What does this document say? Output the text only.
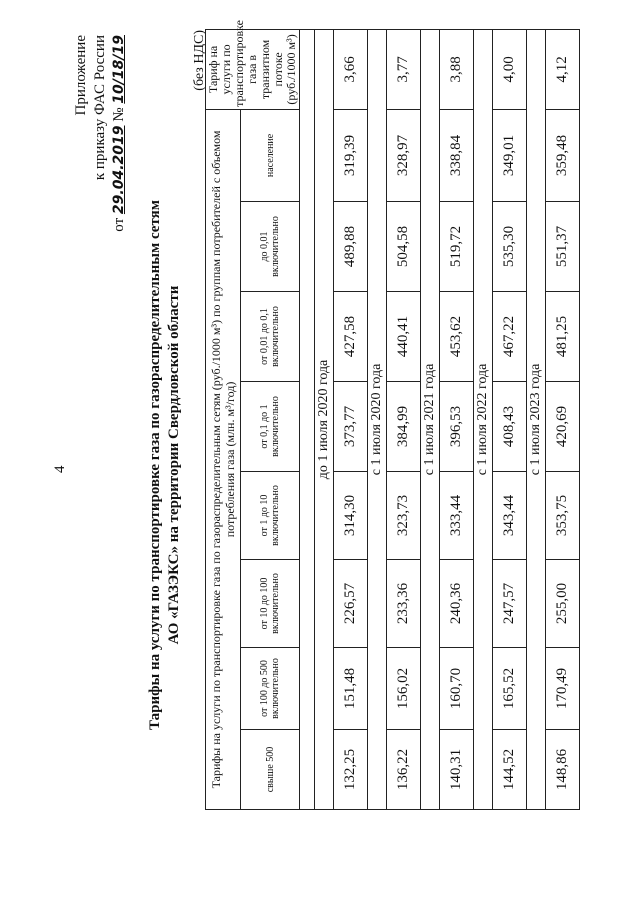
4
Приложение к приказу ФАС России
от 29.04.2019 № 10/18/19
Тарифы на услуги по транспортировке газа по газораспределительным сетям АО «ГАЗЭКС» на территории Свердловской области
(без НДС)
Тарифы на услуги по транспортировке газа по газораспределительным сетям (руб./1000 м³) по группам потребителей с объемом потребления газа (млн. м³/год)								Тариф на услуги по транспортировке газа в транзитном потоке (руб./1000 м³)
свыше 500	от 100 до 500 включительно	от 10 до 100 включительно	от 1 до 10 включительно	от 0,1 до 1 включительно	от 0,01 до 0,1 включительно	до 0,01 включительно	население	

до 1 июля 2020 года								
132,25	151,48	226,57	314,30	373,77	427,58	489,88	319,39	3,66
с 1 июля 2020 года								
136,22	156,02	233,36	323,73	384,99	440,41	504,58	328,97	3,77
с 1 июля 2021 года								
140,31	160,70	240,36	333,44	396,53	453,62	519,72	338,84	3,88
с 1 июля 2022 года								
144,52	165,52	247,57	343,44	408,43	467,22	535,30	349,01	4,00
с 1 июля 2023 года								
148,86	170,49	255,00	353,75	420,69	481,25	551,37	359,48	4,12
